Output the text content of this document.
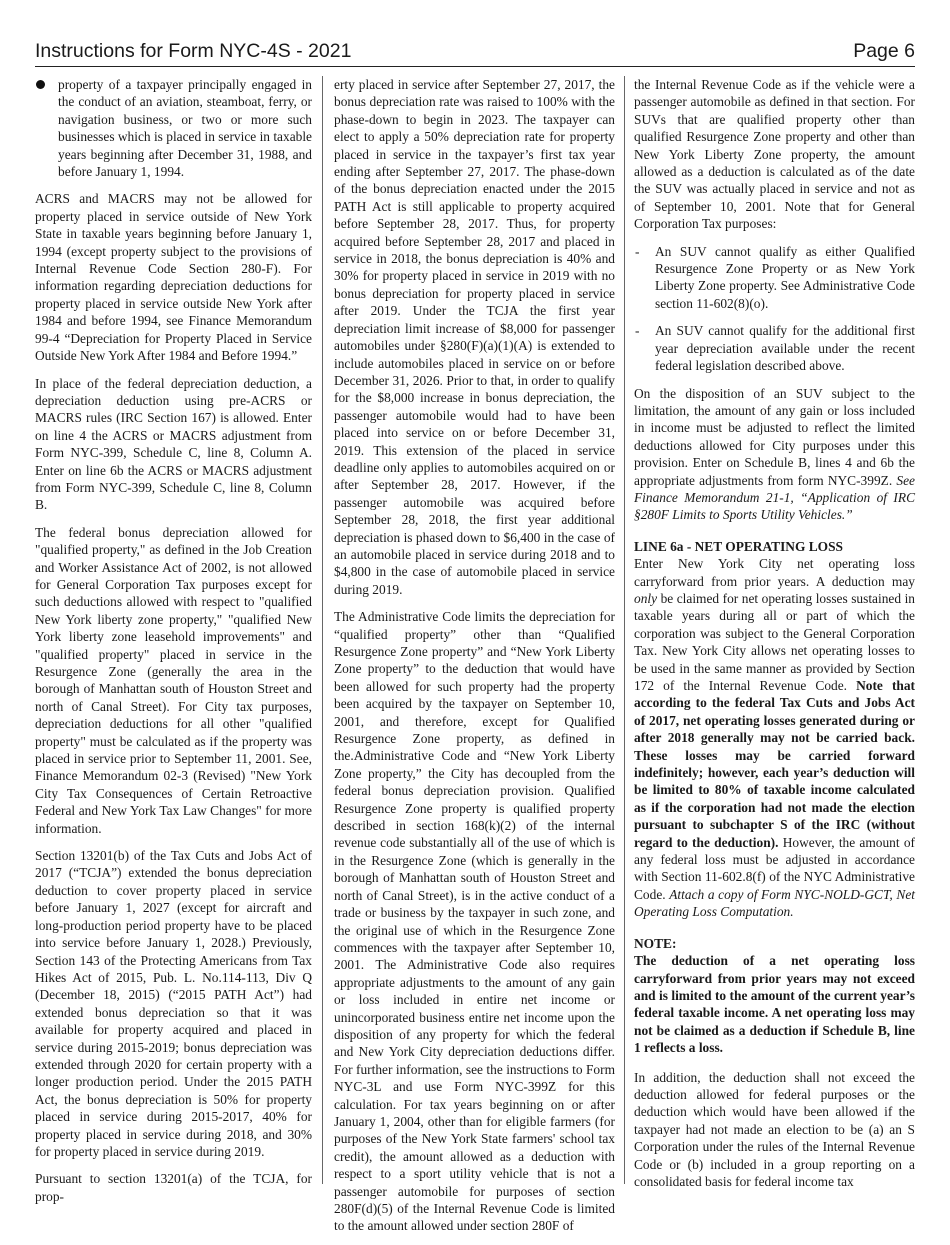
Instructions for Form NYC-4S - 2021	Page 6
property of a taxpayer principally engaged in the conduct of an aviation, steamboat, ferry, or navigation business, or two or more such businesses which is placed in service in taxable years beginning after December 31, 1988, and before January 1, 1994.

ACRS and MACRS may not be allowed for property placed in service outside of New York State in taxable years beginning before January 1, 1994 (except property subject to the provisions of Internal Revenue Code Section 280-F). For information regarding depreciation deductions for property placed in service outside New York after 1984 and before 1994, see Finance Memorandum 99-4 “Depreciation for Property Placed in Service Outside New York After 1984 and Before 1994.”

In place of the federal depreciation deduction, a depreciation deduction using pre-ACRS or MACRS rules (IRC Section 167) is allowed. Enter on line 4 the ACRS or MACRS adjustment from Form NYC-399, Schedule C, line 8, Column A. Enter on line 6b the ACRS or MACRS adjustment from Form NYC-399, Schedule C, line 8, Column B.

The federal bonus depreciation allowed for "qualified property," as defined in the Job Creation and Worker Assistance Act of 2002, is not allowed for General Corporation Tax purposes except for such deductions allowed with respect to "qualified New York liberty zone property," "qualified New York liberty zone leasehold improvements" and "qualified property" placed in service in the Resurgence Zone (generally the area in the borough of Manhattan south of Houston Street and north of Canal Street). For City tax purposes, depreciation deductions for all other "qualified property" must be calculated as if the property was placed in service prior to September 11, 2001. See, Finance Memorandum 02-3 (Revised) "New York City Tax Consequences of Certain Retroactive Federal and New York Tax Law Changes" for more information.

Section 13201(b) of the Tax Cuts and Jobs Act of 2017 (“TCJA”) extended the bonus depreciation deduction to cover property placed in service before January 1, 2027 (except for aircraft and long-production period property have to be placed into service before January 1, 2028.) Previously, Section 143 of the Protecting Americans from Tax Hikes Act of 2015, Pub. L. No.114-113, Div Q (December 18, 2015) (“2015 PATH Act”) had extended bonus depreciation so that it was available for property acquired and placed in service during 2015-2019; bonus depreciation was extended through 2020 for certain property with a longer production period. Under the 2015 PATH Act, the bonus depreciation is 50% for property placed in service during 2015-2017, 40% for property placed in service during 2018, and 30% for property placed in service during 2019.

Pursuant to section 13201(a) of the TCJA, for prop-

erty placed in service after September 27, 2017, the bonus depreciation rate was raised to 100% with the phase-down to begin in 2023. The taxpayer can elect to apply a 50% depreciation rate for property placed in service in the taxpayer’s first tax year ending after September 27, 2017. The phase-down of the bonus depreciation enacted under the 2015 PATH Act is still applicable to property acquired before September 28, 2017. Thus, for property acquired before September 28, 2017 and placed in service in 2018, the bonus depreciation is 40% and 30% for property placed in service in 2019 with no bonus depreciation for property placed in service after 2019. Under the TCJA the first year depreciation limit increase of $8,000 for passenger automobiles under §280(F)(a)(1)(A) is extended to include automobiles placed in service on or before December 31, 2026. Prior to that, in order to qualify for the $8,000 increase in bonus depreciation, the passenger automobile would had to have been placed into service on or before December 31, 2019. This extension of the placed in service deadline only applies to automobiles acquired on or after September 28, 2017. However, if the passenger automobile was acquired before September 28, 2018, the first year additional depreciation is phased down to $6,400 in the case of an automobile placed in service during 2018 and to $4,800 in the case of automobile placed in service during 2019.

The Administrative Code limits the depreciation for “qualified property” other than “Qualified Resurgence Zone property” and “New York Liberty Zone property” to the deduction that would have been allowed for such property had the property been acquired by the taxpayer on September 10, 2001, and therefore, except for Qualified Resurgence Zone property, as defined in the.Administrative Code and “New York Liberty Zone property,” the City has decoupled from the federal bonus depreciation provision. Qualified Resurgence Zone property is qualified property described in section 168(k)(2) of the internal revenue code substantially all of the use of which is in the Resurgence Zone (which is generally in the borough of Manhattan south of Houston Street and north of Canal Street), is in the active conduct of a trade or business by the taxpayer in such zone, and the original use of which in the Resurgence Zone commences with the taxpayer after September 10, 2001. The Administrative Code also requires appropriate adjustments to the amount of any gain or loss included in entire net income or unincorporated business entire net income upon the disposition of any property for which the federal and New York City depreciation deductions differ. For further information, see the instructions to Form NYC-3L and use Form NYC-399Z for this calculation. For tax years beginning on or after January 1, 2004, other than for eligible farmers (for purposes of the New York State farmers' school tax credit), the amount allowed as a deduction with respect to a sport utility vehicle that is not a passenger automobile for purposes of section 280F(d)(5) of the Internal Revenue Code is limited to the amount allowed under section 280F of

the Internal Revenue Code as if the vehicle were a passenger automobile as defined in that section. For SUVs that are qualified property other than qualified Resurgence Zone property and other than New York Liberty Zone property, the amount allowed as a deduction is calculated as of the date the SUV was actually placed in service and not as of September 10, 2001. Note that for General Corporation Tax purposes:

- An SUV cannot qualify as either Qualified Resurgence Zone Property or as New York Liberty Zone property. See Administrative Code section 11-602(8)(o).
- An SUV cannot qualify for the additional first year depreciation available under the recent federal legislation described above.

On the disposition of an SUV subject to the limitation, the amount of any gain or loss included in income must be adjusted to reflect the limited deductions allowed for City purposes under this provision. Enter on Schedule B, lines 4 and 6b the appropriate adjustments from form NYC-399Z. See Finance Memorandum 21-1, “Application of IRC §280F Limits to Sports Utility Vehicles.”

LINE 6a - NET OPERATING LOSS

Enter New York City net operating loss carryforward from prior years. A deduction may only be claimed for net operating losses sustained in taxable years during all or part of which the corporation was subject to the General Corporation Tax. New York City allows net operating losses to be used in the same manner as provided by Section 172 of the Internal Revenue Code. Note that according to the federal Tax Cuts and Jobs Act of 2017, net operating losses generated during or after 2018 generally may not be carried back. These losses may be carried forward indefinitely; however, each year’s deduction will be limited to 80% of taxable income calculated as if the corporation had not made the election pursuant to subchapter S of the IRC (without regard to the deduction). However, the amount of any federal loss must be adjusted in accordance with Section 11-602.8(f) of the NYC Administrative Code. Attach a copy of Form NYC-NOLD-GCT, Net Operating Loss Computation.

NOTE:

The deduction of a net operating loss carryforward from prior years may not exceed and is limited to the amount of the current year’s federal taxable income. A net operating loss may not be claimed as a deduction if Schedule B, line 1 reflects a loss.

In addition, the deduction shall not exceed the deduction allowed for federal purposes or the deduction which would have been allowed if the taxpayer had not made an election to be (a) an S Corporation under the rules of the Internal Revenue Code or (b) included in a group reporting on a consolidated basis for federal income tax
